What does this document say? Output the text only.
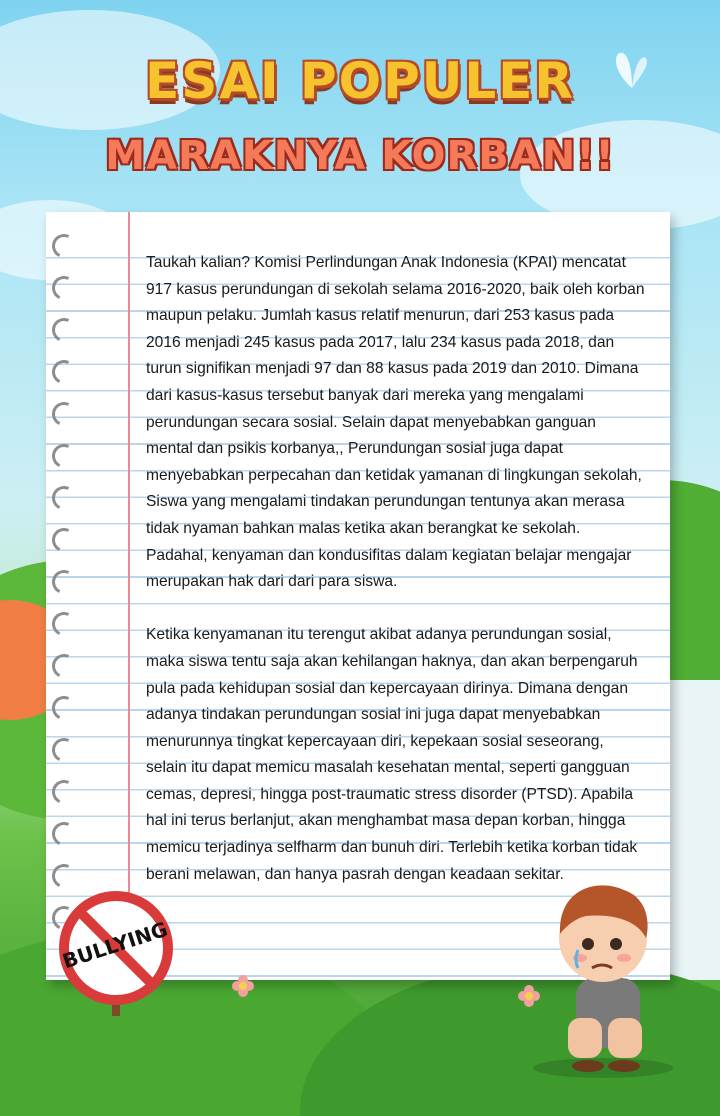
ESAI POPULER
MARAKNYA KORBAN!!

Taukah kalian? Komisi Perlindungan Anak Indonesia (KPAI) mencatat 917 kasus perundungan di sekolah selama 2016-2020, baik oleh korban maupun pelaku. Jumlah kasus relatif menurun, dari 253 kasus pada 2016 menjadi 245 kasus pada 2017, lalu 234 kasus pada 2018, dan turun signifikan menjadi 97 dan 88 kasus pada 2019 dan 2010. Dimana dari kasus-kasus tersebut banyak dari mereka yang mengalami perundungan secara sosial. Selain dapat menyebabkan ganguan mental dan psikis korbanya,, Perundungan sosial juga dapat menyebabkan perpecahan dan ketidak yamanan di lingkungan sekolah, Siswa yang mengalami tindakan perundungan tentunya akan merasa tidak nyaman bahkan malas ketika akan berangkat ke sekolah. Padahal, kenyaman dan kondusifitas dalam kegiatan belajar mengajar merupakan hak dari dari para siswa.

Ketika kenyamanan itu terengut akibat adanya perundungan sosial, maka siswa tentu saja akan kehilangan haknya, dan akan berpengaruh pula pada kehidupan sosial dan kepercayaan dirinya. Dimana dengan adanya tindakan perundungan sosial ini juga dapat menyebabkan menurunnya tingkat kepercayaan diri, kepekaan sosial seseorang, selain itu dapat memicu masalah kesehatan mental, seperti gangguan cemas, depresi, hingga post-traumatic stress disorder (PTSD). Apabila hal ini terus berlanjut, akan menghambat masa depan korban, hingga memicu terjadinya selfharm dan bunuh diri. Terlebih ketika korban tidak berani melawan, dan hanya pasrah dengan keadaan sekitar.

BULLYING
